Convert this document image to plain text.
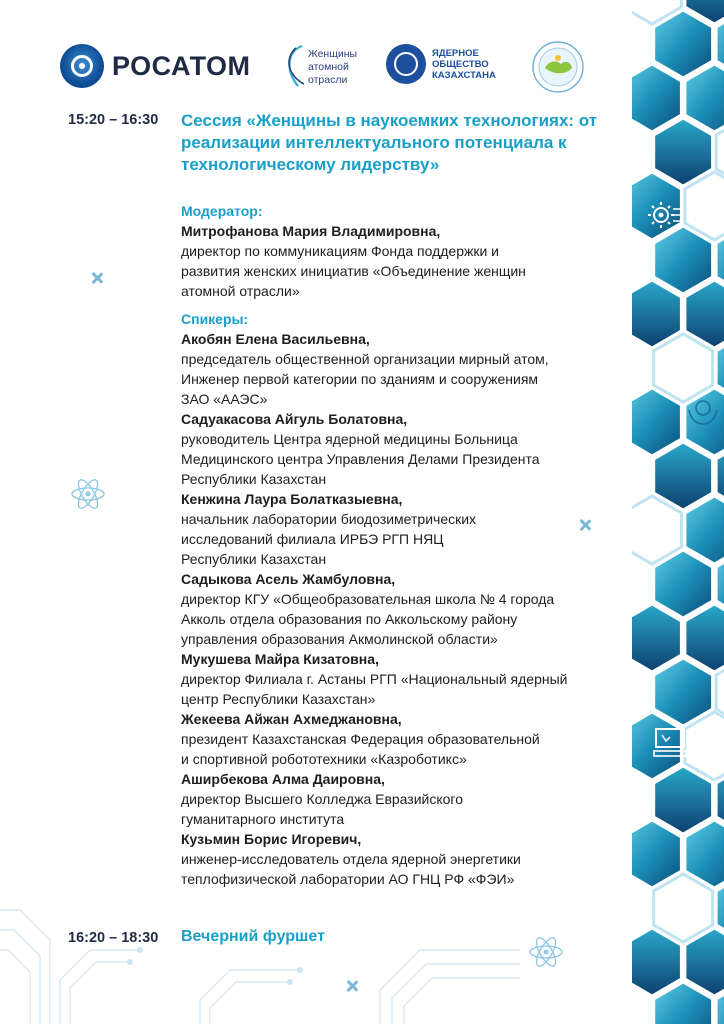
РОСАТОМ	Женщины
атомной
отрасли
ЯДЕРНОЕ
ОБЩЕСТВО
КАЗАХСТАНА
15:20 – 16:30 Сессия «Женщины в наукоемких технологиях: от реализации интеллектуального потенциала к технологическому лидерству»
Модератор:
Митрофанова Мария Владимировна,
директор по коммуникациям Фонда поддержки и
развития женских инициатив «Объединение женщин
атомной отрасли»
Спикеры:
Акобян Елена Васильевна,
председатель общественной организации мирный атом,
Инженер первой категории по зданиям и сооружениям
ЗАО «ААЭС»
Садуакасова Айгуль Болатовна,
руководитель Центра ядерной медицины Больница
Медицинского центра Управления Делами Президента
Республики Казахстан
Кенжина Лаура Болатказыевна,
начальник лаборатории биодозиметрических
исследований филиала ИРБЭ РГП НЯЦ
Республики Казахстан
Садыкова Асель Жамбуловна,
директор КГУ «Общеобразовательная школа № 4 города
Акколь отдела образования по Аккольскому району
управления образования Акмолинской области»
Мукушева Майра Кизатовна,
директор Филиала г. Астаны РГП «Национальный ядерный
центр Республики Казахстан»
Жекеева Айжан Ахмеджановна,
президент Казахстанская Федерация образовательной
и спортивной робототехники «Казроботикс»
Аширбекова Алма Даировна,
директор Высшего Колледжа Евразийского
гуманитарного института
Кузьмин Борис Игоревич,
инженер-исследователь отдела ядерной энергетики
теплофизической лаборатории АО ГНЦ РФ «ФЭИ»
16:20 – 18:30 Вечерний фуршет
